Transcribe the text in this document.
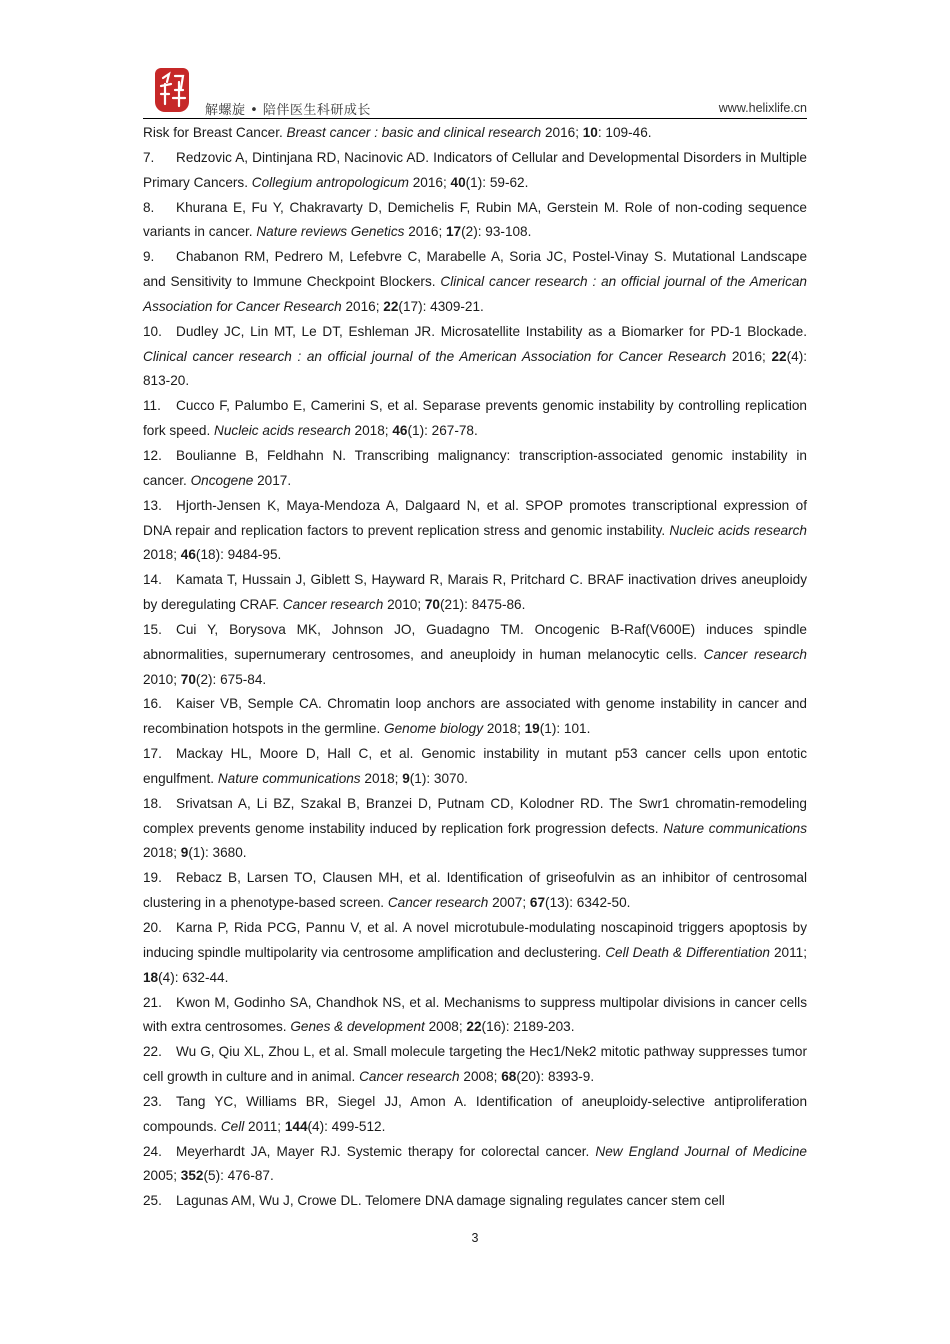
解螺旋 • 陪伴医生科研成长	www.helixlife.cn

Risk for Breast Cancer. Breast cancer : basic and clinical research 2016; 10: 109-46.

7. Redzovic A, Dintinjana RD, Nacinovic AD. Indicators of Cellular and Developmental Disorders in Multiple Primary Cancers. Collegium antropologicum 2016; 40(1): 59-62.

8. Khurana E, Fu Y, Chakravarty D, Demichelis F, Rubin MA, Gerstein M. Role of non-coding sequence variants in cancer. Nature reviews Genetics 2016; 17(2): 93-108.

9. Chabanon RM, Pedrero M, Lefebvre C, Marabelle A, Soria JC, Postel-Vinay S. Mutational Landscape and Sensitivity to Immune Checkpoint Blockers. Clinical cancer research : an official journal of the American Association for Cancer Research 2016; 22(17): 4309-21.

10. Dudley JC, Lin MT, Le DT, Eshleman JR. Microsatellite Instability as a Biomarker for PD-1 Blockade. Clinical cancer research : an official journal of the American Association for Cancer Research 2016; 22(4): 813-20.

11. Cucco F, Palumbo E, Camerini S, et al. Separase prevents genomic instability by controlling replication fork speed. Nucleic acids research 2018; 46(1): 267-78.

12. Boulianne B, Feldhahn N. Transcribing malignancy: transcription-associated genomic instability in cancer. Oncogene 2017.

13. Hjorth-Jensen K, Maya-Mendoza A, Dalgaard N, et al. SPOP promotes transcriptional expression of DNA repair and replication factors to prevent replication stress and genomic instability. Nucleic acids research 2018; 46(18): 9484-95.

14. Kamata T, Hussain J, Giblett S, Hayward R, Marais R, Pritchard C. BRAF inactivation drives aneuploidy by deregulating CRAF. Cancer research 2010; 70(21): 8475-86.

15. Cui Y, Borysova MK, Johnson JO, Guadagno TM. Oncogenic B-Raf(V600E) induces spindle abnormalities, supernumerary centrosomes, and aneuploidy in human melanocytic cells. Cancer research 2010; 70(2): 675-84.

16. Kaiser VB, Semple CA. Chromatin loop anchors are associated with genome instability in cancer and recombination hotspots in the germline. Genome biology 2018; 19(1): 101.

17. Mackay HL, Moore D, Hall C, et al. Genomic instability in mutant p53 cancer cells upon entotic engulfment. Nature communications 2018; 9(1): 3070.

18. Srivatsan A, Li BZ, Szakal B, Branzei D, Putnam CD, Kolodner RD. The Swr1 chromatin-remodeling complex prevents genome instability induced by replication fork progression defects. Nature communications 2018; 9(1): 3680.

19. Rebacz B, Larsen TO, Clausen MH, et al. Identification of griseofulvin as an inhibitor of centrosomal clustering in a phenotype-based screen. Cancer research 2007; 67(13): 6342-50.

20. Karna P, Rida PCG, Pannu V, et al. A novel microtubule-modulating noscapinoid triggers apoptosis by inducing spindle multipolarity via centrosome amplification and declustering. Cell Death & Differentiation 2011; 18(4): 632-44.

21. Kwon M, Godinho SA, Chandhok NS, et al. Mechanisms to suppress multipolar divisions in cancer cells with extra centrosomes. Genes & development 2008; 22(16): 2189-203.

22. Wu G, Qiu XL, Zhou L, et al. Small molecule targeting the Hec1/Nek2 mitotic pathway suppresses tumor cell growth in culture and in animal. Cancer research 2008; 68(20): 8393-9.

23. Tang YC, Williams BR, Siegel JJ, Amon A. Identification of aneuploidy-selective antiproliferation compounds. Cell 2011; 144(4): 499-512.

24. Meyerhardt JA, Mayer RJ. Systemic therapy for colorectal cancer. New England Journal of Medicine 2005; 352(5): 476-87.

25. Lagunas AM, Wu J, Crowe DL. Telomere DNA damage signaling regulates cancer stem cell

3
